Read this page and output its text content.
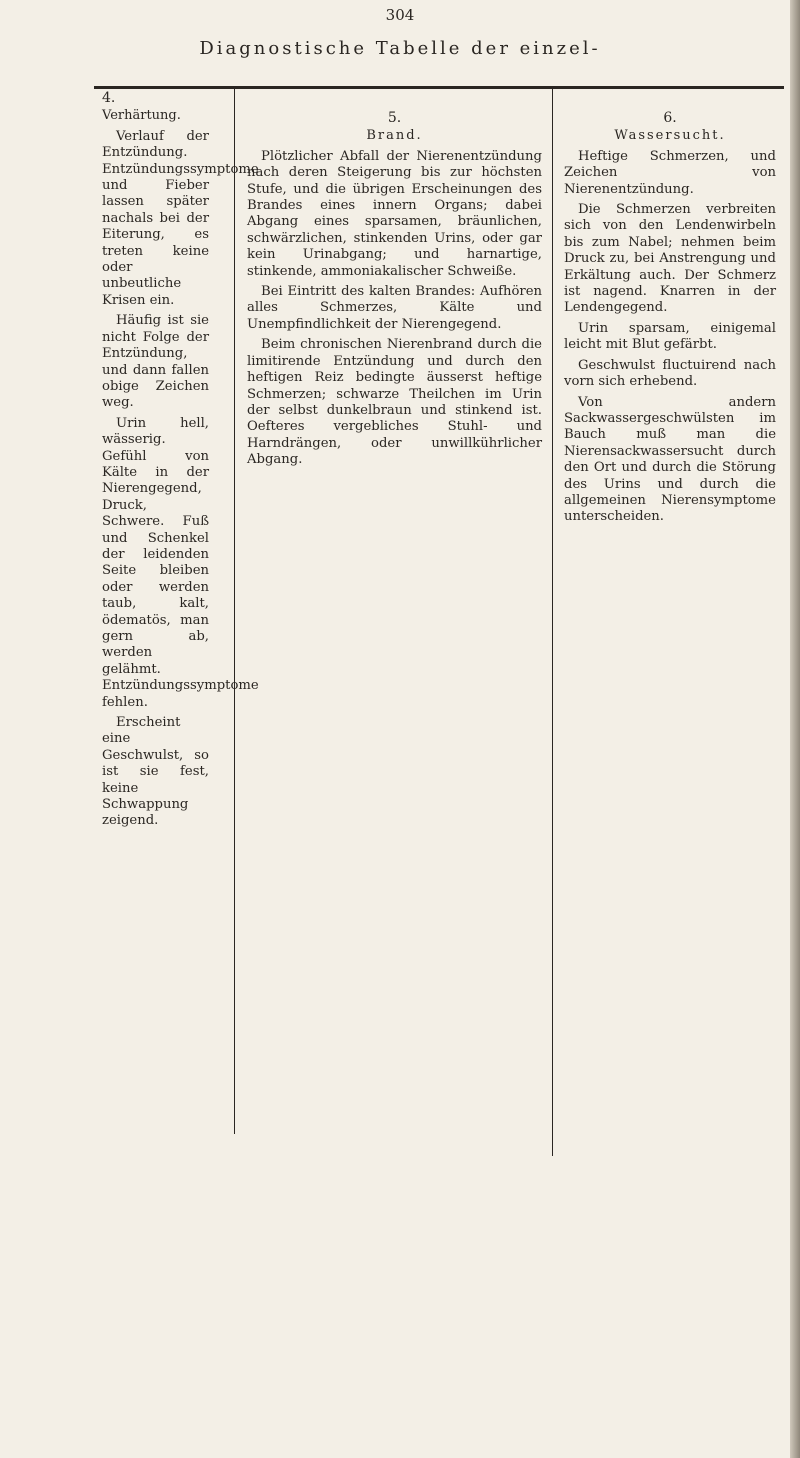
304
Diagnostische Tabelle der einzel-
4.
Verhärtung.

Verlauf der Entzündung. Entzündungssymptome und Fieber lassen später nachals bei der Eiterung, es treten keine oder unbeutliche Krisen ein.

Häufig ist sie nicht Folge der Entzündung, und dann fallen obige Zeichen weg.

Urin hell, wässerig. Gefühl von Kälte in der Nierengegend, Druck, Schwere. Fuß und Schenkel der leidenden Seite bleiben oder werden taub, kalt, ödematös, man gern ab, werden gelähmt. Entzündungssymptome fehlen.

Erscheint eine Geschwulst, so ist sie fest, keine Schwappung zeigend.

5.
Brand.

Plötzlicher Abfall der Nierenentzündung nach deren Steigerung bis zur höchsten Stufe, und die übrigen Erscheinungen des Brandes eines innern Organs; dabei Abgang eines sparsamen, bräunlichen, schwärzlichen, stinkenden Urins, oder gar kein Urinabgang; und harnartige, stinkende, ammoniakalischer Schweiße.

Bei Eintritt des kalten Brandes: Aufhören alles Schmerzes, Kälte und Unempfindlichkeit der Nierengegend.

Beim chronischen Nierenbrand durch die limitirende Entzündung und durch den heftigen Reiz bedingte äusserst heftige Schmerzen; schwarze Theilchen im Urin der selbst dunkelbraun und stinkend ist. Oefteres vergebliches Stuhl- und Harndrängen, oder unwillkührlicher Abgang.

6.
Wassersucht.

Heftige Schmerzen, und Zeichen von Nierenentzündung.

Die Schmerzen verbreiten sich von den Lendenwirbeln bis zum Nabel; nehmen beim Druck zu, bei Anstrengung und Erkältung auch. Der Schmerz ist nagend. Knarren in der Lendengegend.

Urin sparsam, einigemal leicht mit Blut gefärbt.

Geschwulst fluctuirend nach vorn sich erhebend.

Von andern Sackwassergeschwülsten im Bauch muß man die Nierensackwassersucht durch den Ort und durch die Störung des Urins und durch die allgemeinen Nierensymptome unterscheiden.
